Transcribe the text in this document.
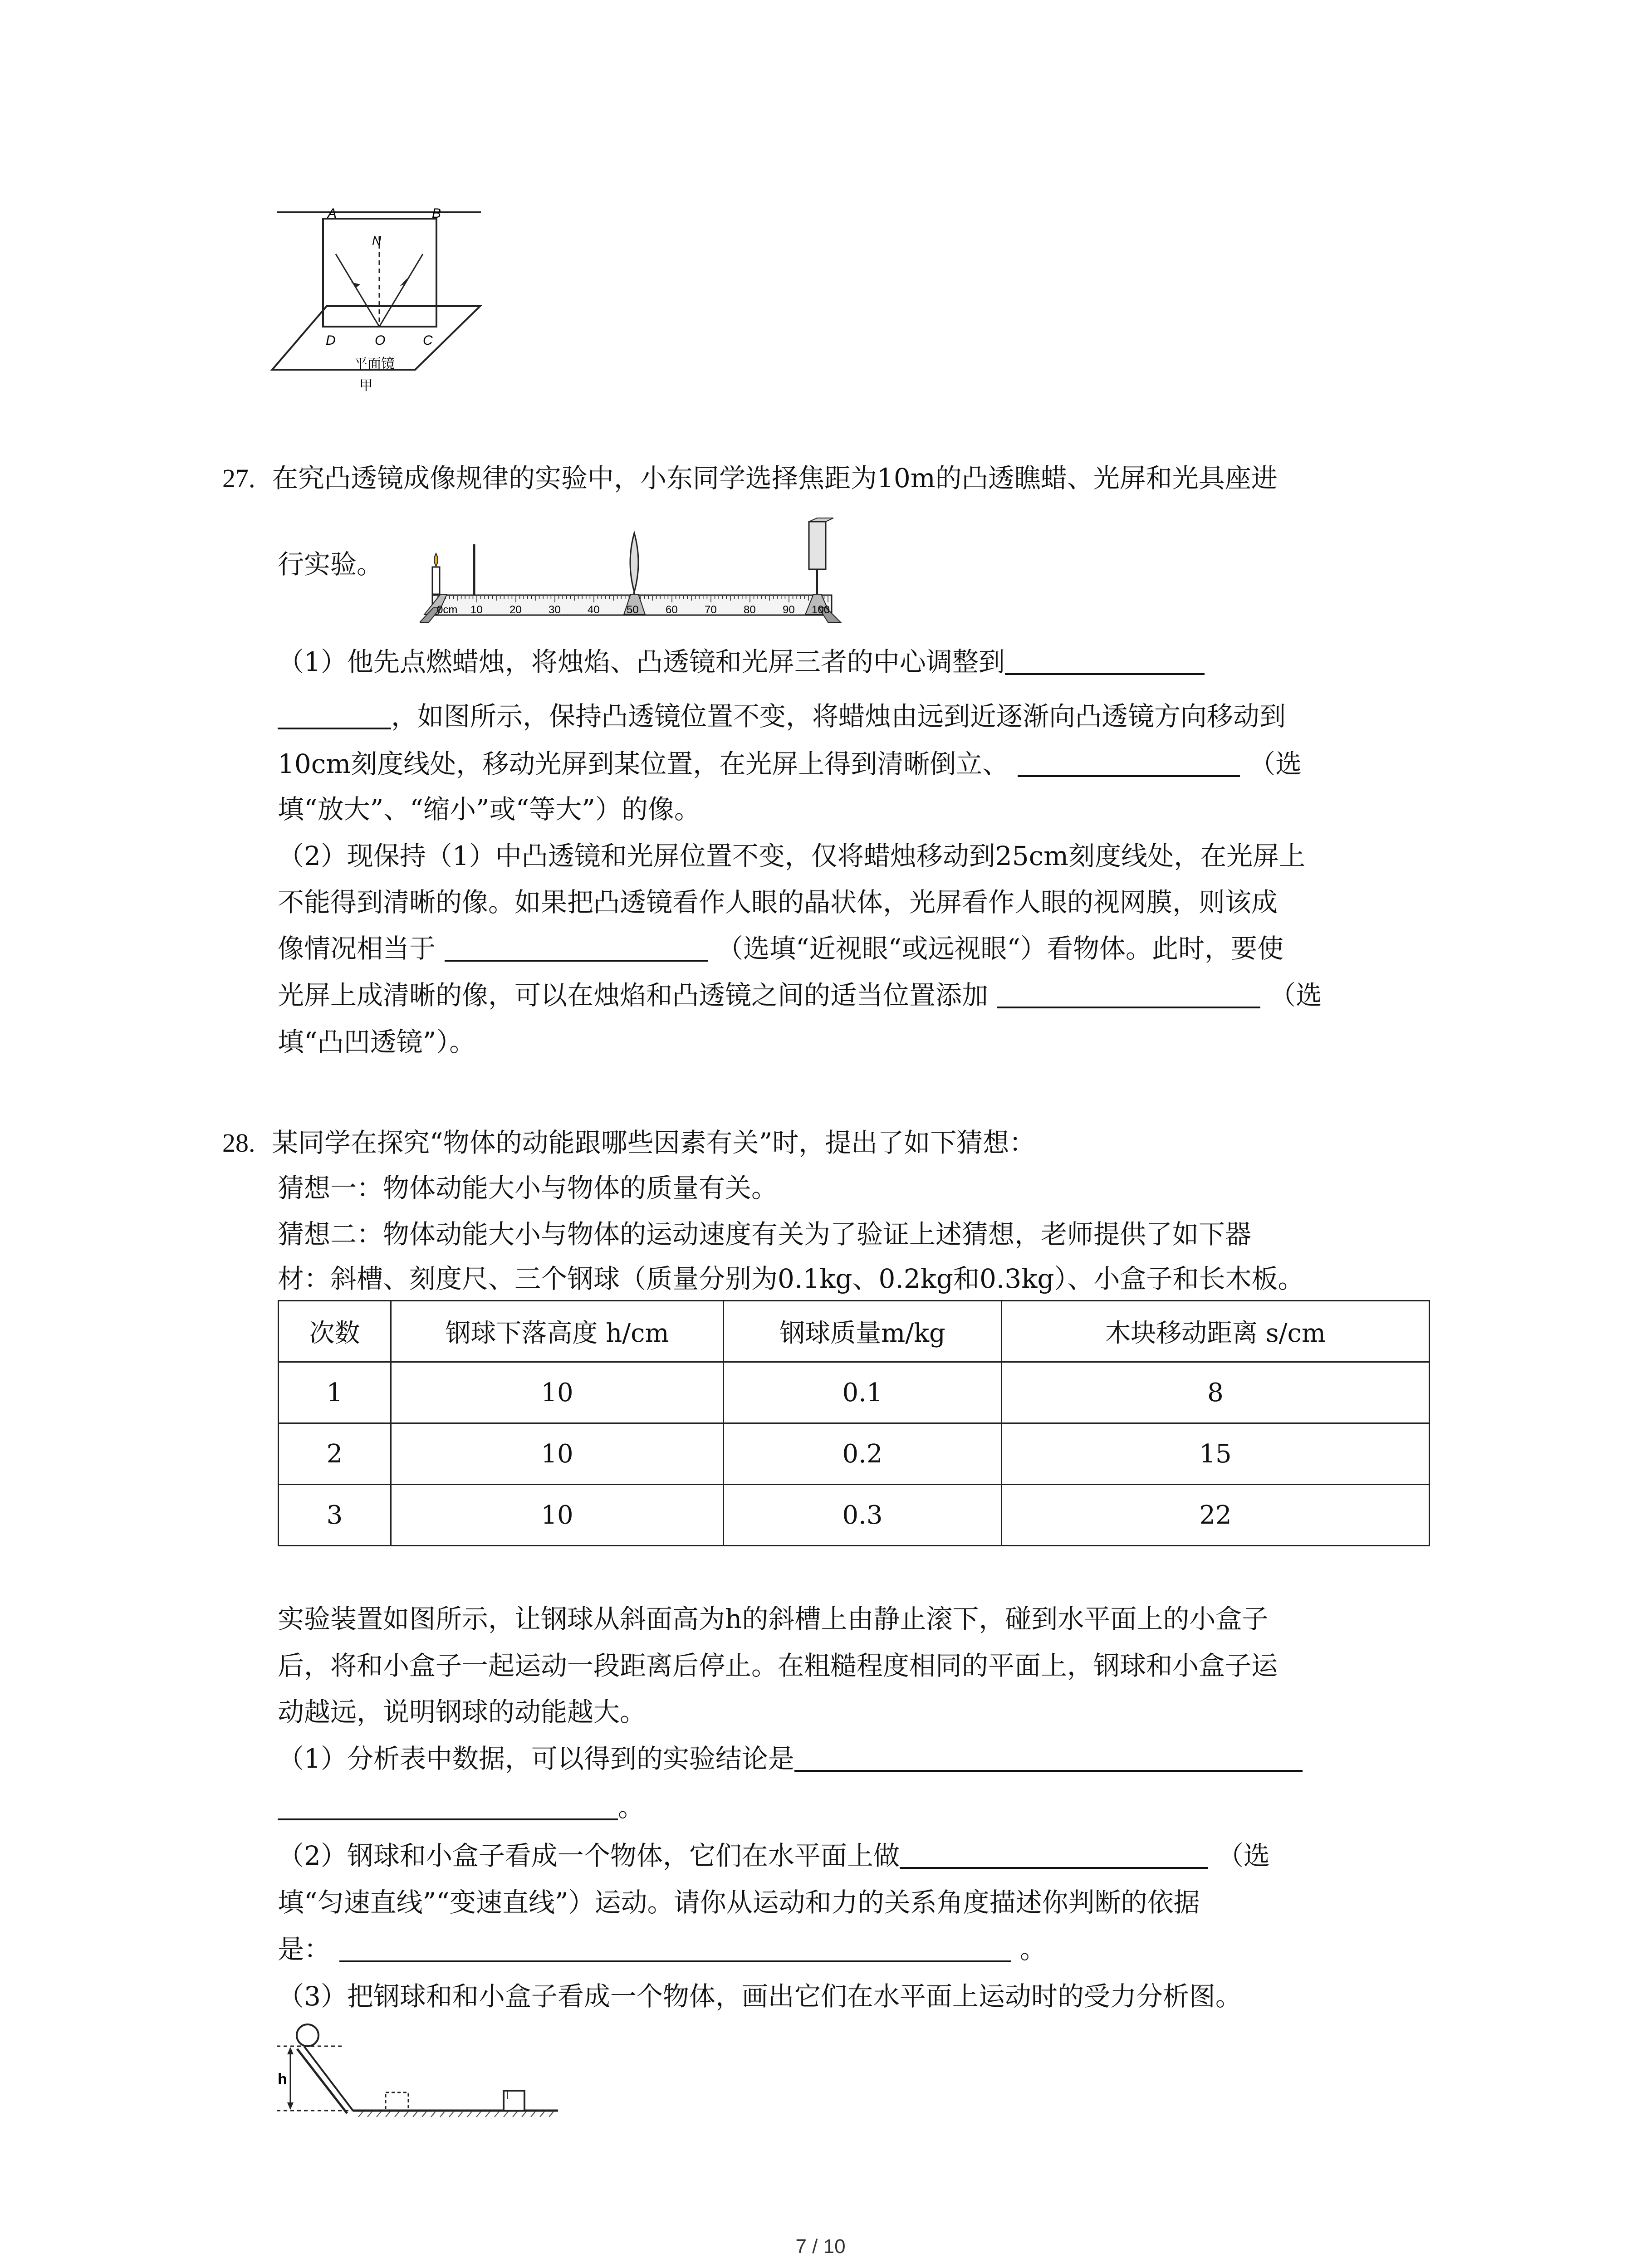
A	B
N
D	O	C
平面镜
甲
27. 在究凸透镜成像规律的实验中，小东同学选择焦距为10m的凸透瞧蜡、光屏和光具座进
行实验。
0cm 10 20 30 40 50 60 70 80 90 100
（1）他先点燃蜡烛，将烛焰、凸透镜和光屏三者的中心调整到
，如图所示，保持凸透镜位置不变，将蜡烛由远到近逐渐向凸透镜方向移动到
10cm刻度线处，移动光屏到某位置，在光屏上得到清晰倒立、	（选
填“放大”、“缩小”或“等大”）的像。
（2）现保持（1）中凸透镜和光屏位置不变，仅将蜡烛移动到25cm刻度线处，在光屏上
不能得到清晰的像。如果把凸透镜看作人眼的晶状体，光屏看作人眼的视网膜，则该成
像情况相当于	（选填“近视眼“或远视眼“）看物体。此时，要使
光屏上成清晰的像，可以在烛焰和凸透镜之间的适当位置添加	（选
填“凸凹透镜”）。
28. 某同学在探究“物体的动能跟哪些因素有关”时，提出了如下猜想：
猜想一：物体动能大小与物体的质量有关。
猜想二：物体动能大小与物体的运动速度有关为了验证上述猜想，老师提供了如下器
材：斜槽、刻度尺、三个钢球（质量分别为0.1kg、0.2kg和0.3kg）、小盒子和长木板。
次数	钢球下落高度 h/cm	钢球质量m/kg	木块移动距离 s/cm
1	10	0.1	8
2	10	0.2	15
3	10	0.3	22
实验装置如图所示，让钢球从斜面高为h的斜槽上由静止滚下，碰到水平面上的小盒子
后，将和小盒子一起运动一段距离后停止。在粗糙程度相同的平面上，钢球和小盒子运
动越远，说明钢球的动能越大。
（1）分析表中数据，可以得到的实验结论是
。
（2）钢球和小盒子看成一个物体，它们在水平面上做	（选
填“匀速直线”“变速直线”）运动。请你从运动和力的关系角度描述你判断的依据
是：	。
（3）把钢球和和小盒子看成一个物体，画出它们在水平面上运动时的受力分析图。
h
7 / 10
